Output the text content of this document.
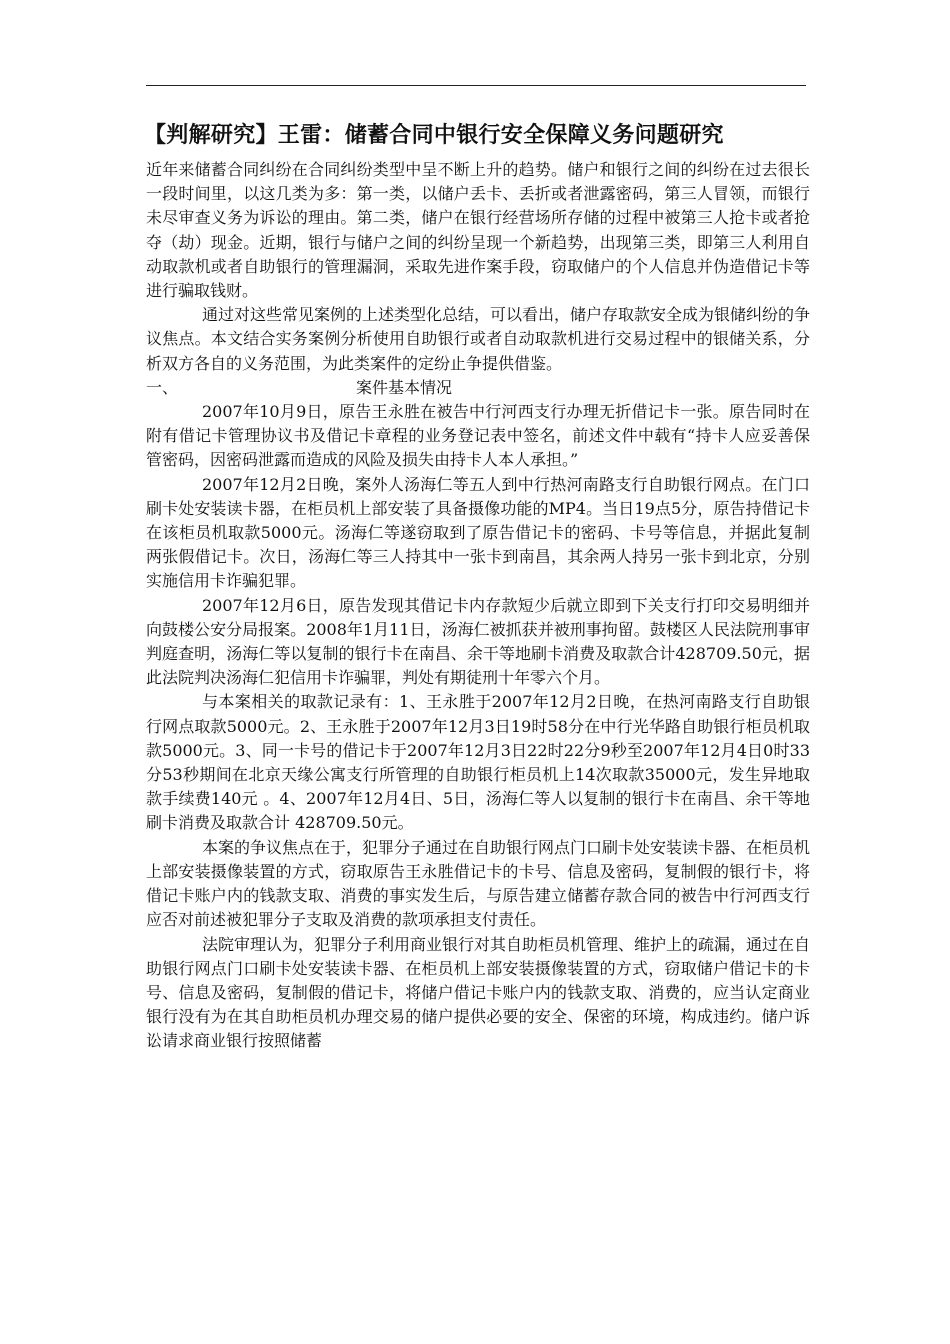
【判解研究】王雷：储蓄合同中银行安全保障义务问题研究

近年来储蓄合同纠纷在合同纠纷类型中呈不断上升的趋势。储户和银行之间的纠纷在过去很长一段时间里，以这几类为多：第一类，以储户丢卡、丢折或者泄露密码，第三人冒领，而银行未尽审查义务为诉讼的理由。第二类，储户在银行经营场所存储的过程中被第三人抢卡或者抢夺（劫）现金。近期，银行与储户之间的纠纷呈现一个新趋势，出现第三类，即第三人利用自动取款机或者自助银行的管理漏洞，采取先进作案手段，窃取储户的个人信息并伪造借记卡等进行骗取钱财。

通过对这些常见案例的上述类型化总结，可以看出，储户存取款安全成为银储纠纷的争议焦点。本文结合实务案例分析使用自助银行或者自动取款机进行交易过程中的银储关系，分析双方各自的义务范围，为此类案件的定纷止争提供借鉴。

一、	案件基本情况

2007年10月9日，原告王永胜在被告中行河西支行办理无折借记卡一张。原告同时在附有借记卡管理协议书及借记卡章程的业务登记表中签名，前述文件中载有“持卡人应妥善保管密码，因密码泄露而造成的风险及损失由持卡人本人承担。”

2007年12月2日晚，案外人汤海仁等五人到中行热河南路支行自助银行网点。在门口刷卡处安装读卡器，在柜员机上部安装了具备摄像功能的MP4。当日19点5分，原告持借记卡在该柜员机取款5000元。汤海仁等遂窃取到了原告借记卡的密码、卡号等信息，并据此复制两张假借记卡。次日，汤海仁等三人持其中一张卡到南昌，其余两人持另一张卡到北京，分别实施信用卡诈骗犯罪。

2007年12月6日，原告发现其借记卡内存款短少后就立即到下关支行打印交易明细并向鼓楼公安分局报案。2008年1月11日，汤海仁被抓获并被刑事拘留。鼓楼区人民法院刑事审判庭查明，汤海仁等以复制的银行卡在南昌、余干等地刷卡消费及取款合计428709.50元，据此法院判决汤海仁犯信用卡诈骗罪，判处有期徒刑十年零六个月。

与本案相关的取款记录有：1、王永胜于2007年12月2日晚，在热河南路支行自助银行网点取款5000元。2、王永胜于2007年12月3日19时58分在中行光华路自助银行柜员机取款5000元。3、同一卡号的借记卡于2007年12月3日22时22分9秒至2007年12月4日0时33分53秒期间在北京天缘公寓支行所管理的自助银行柜员机上14次取款35000元，发生异地取款手续费140元 。4、2007年12月4日、5日，汤海仁等人以复制的银行卡在南昌、余干等地刷卡消费及取款合计 428709.50元。

本案的争议焦点在于，犯罪分子通过在自助银行网点门口刷卡处安装读卡器、在柜员机上部安装摄像装置的方式，窃取原告王永胜借记卡的卡号、信息及密码，复制假的银行卡，将借记卡账户内的钱款支取、消费的事实发生后，与原告建立储蓄存款合同的被告中行河西支行应否对前述被犯罪分子支取及消费的款项承担支付责任。

法院审理认为，犯罪分子利用商业银行对其自助柜员机管理、维护上的疏漏，通过在自助银行网点门口刷卡处安装读卡器、在柜员机上部安装摄像装置的方式，窃取储户借记卡的卡号、信息及密码，复制假的借记卡，将储户借记卡账户内的钱款支取、消费的，应当认定商业银行没有为在其自助柜员机办理交易的储户提供必要的安全、保密的环境，构成违约。储户诉讼请求商业银行按照储蓄
